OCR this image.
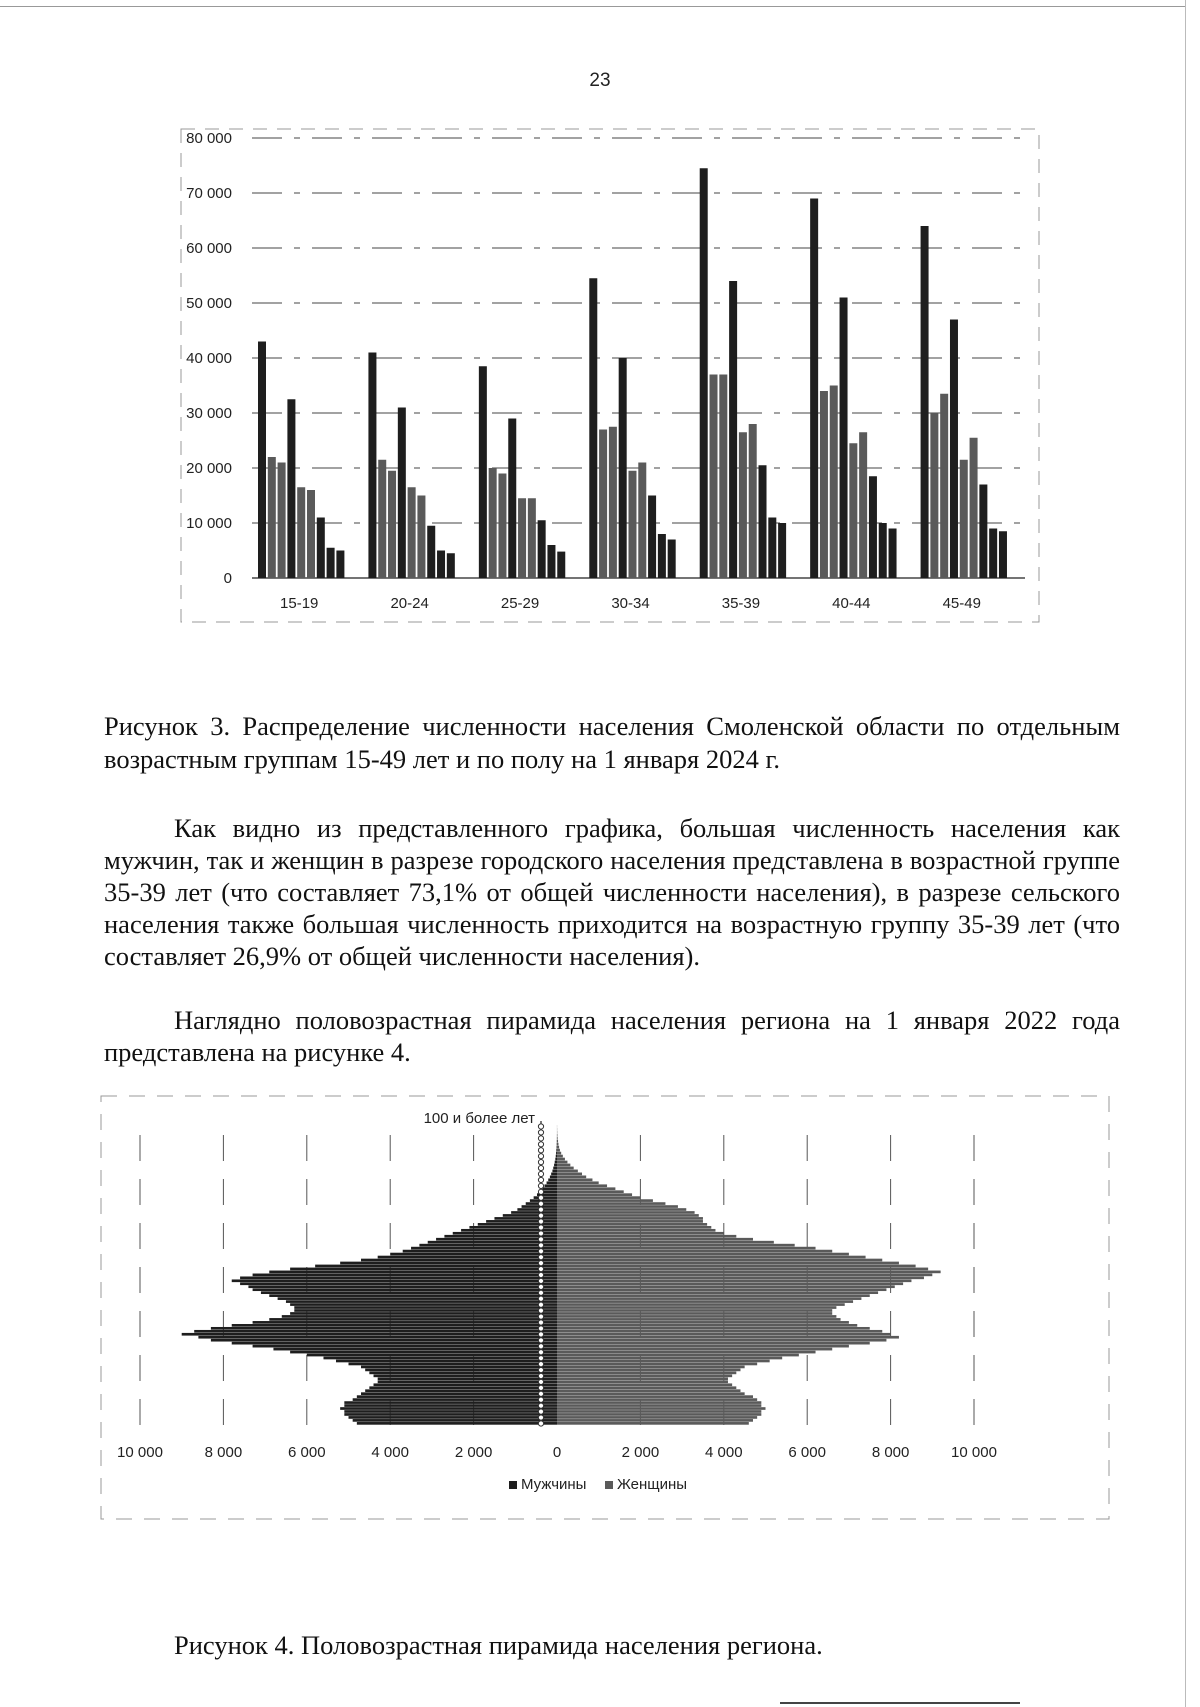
23
0
10 000
20 000
30 000
40 000
50 000
60 000
70 000
80 000
15-19	20-24	25-29	30-34	35-39	40-44	45-49
Рисунок 3. Распределение численности населения Смоленской области по отдельным возрастным группам 15-49 лет и по полу на 1 января 2024 г.
Как видно из представленного графика, большая численность населения как мужчин, так и женщин в разрезе городского населения представлена в возрастной группе 35-39 лет (что составляет 73,1% от общей численности населения), в разрезе сельского населения также большая численность приходится на возрастную группу 35-39 лет (что составляет 26,9% от общей численности населения).
Наглядно половозрастная пирамида населения региона на 1 января 2022 года представлена на рисунке 4.
10 000	8 000	6 000	4 000	2 000	0	2 000	4 000	6 000	8 000	10 000
100 и более лет
Мужчины Женщины
Рисунок 4. Половозрастная пирамида населения региона.
